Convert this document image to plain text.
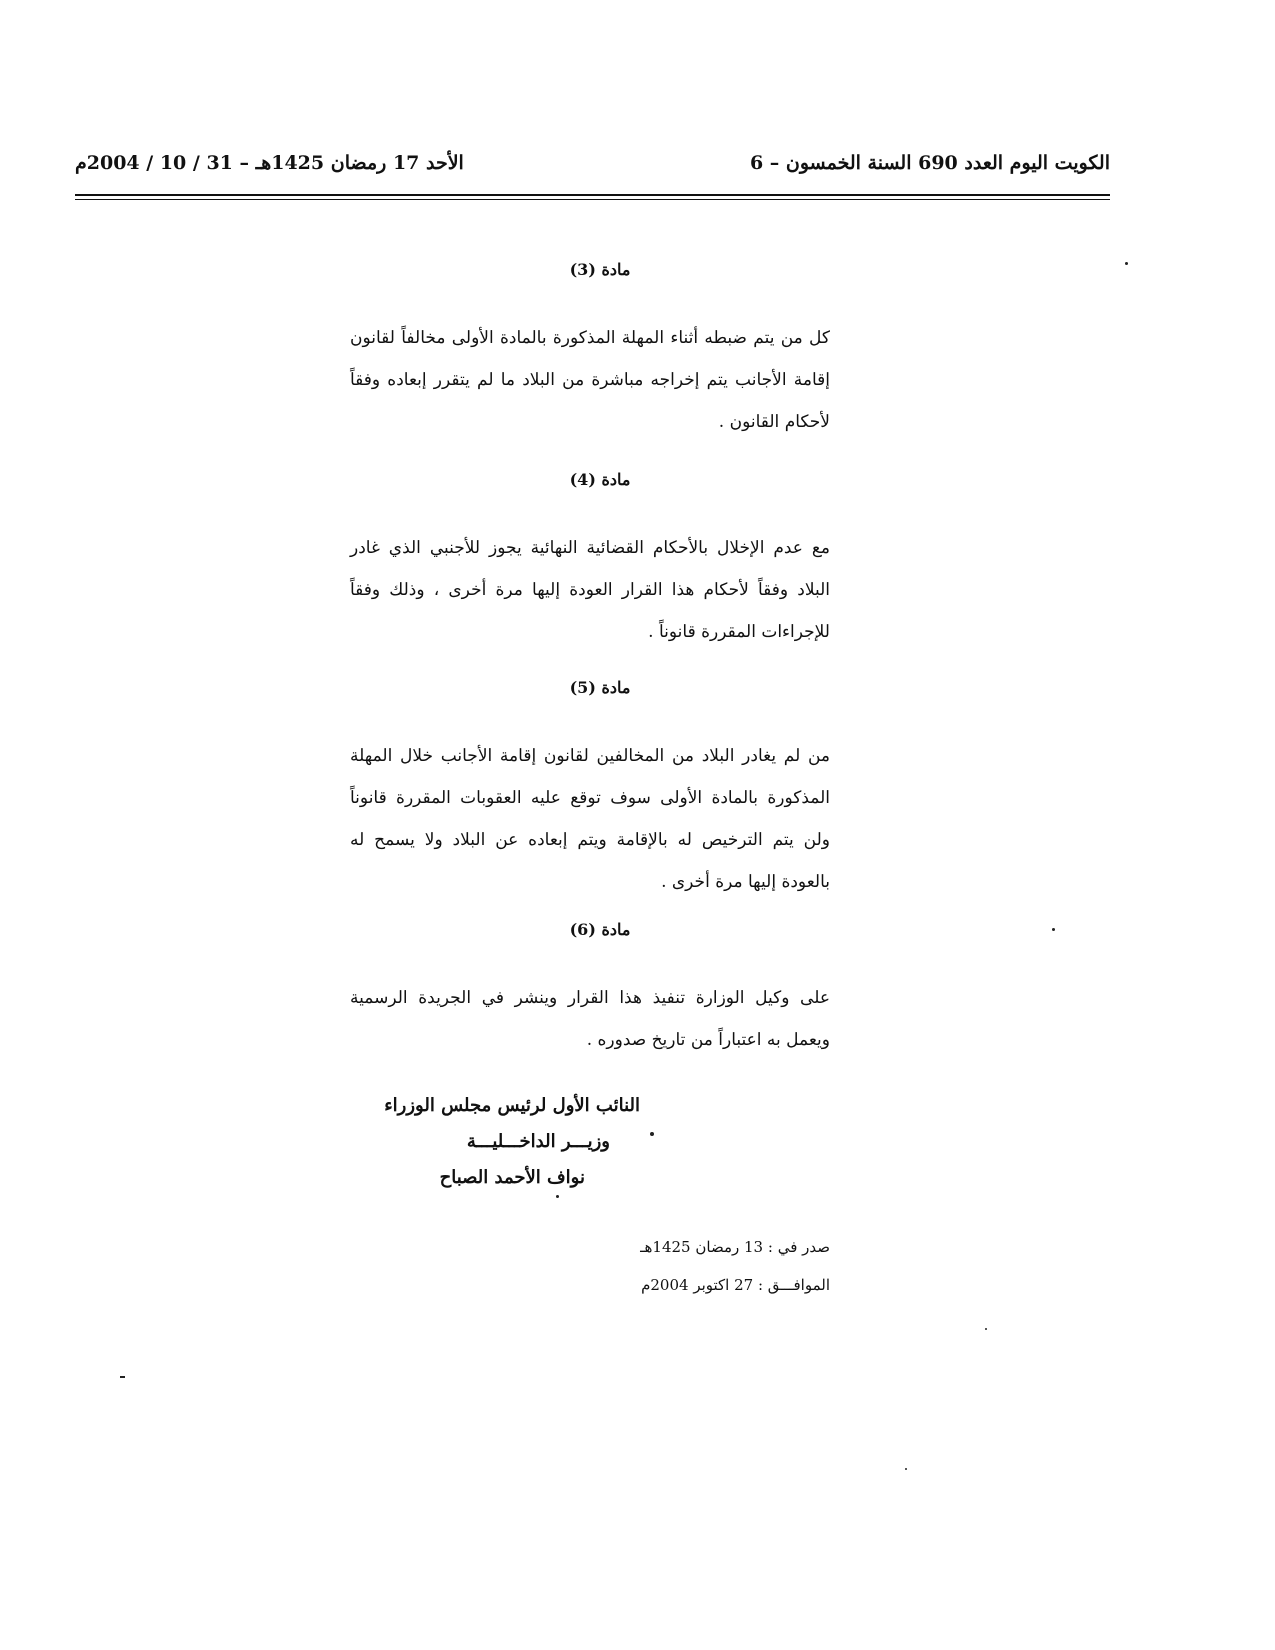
الكويت اليوم العدد 690 السنة الخمسون – 6
الأحد 17 رمضان 1425هـ – 31 / 10 / 2004م

مادة (3)

كل من يتم ضبطه أثناء المهلة المذكورة بالمادة الأولى مخالفاً لقانون إقامة الأجانب يتم إخراجه مباشرة من البلاد ما لم يتقرر إبعاده وفقاً لأحكام القانون .

مادة (4)

مع عدم الإخلال بالأحكام القضائية النهائية يجوز للأجنبي الذي غادر البلاد وفقاً لأحكام هذا القرار العودة إليها مرة أخرى ، وذلك وفقاً للإجراءات المقررة قانوناً .

مادة (5)

من لم يغادر البلاد من المخالفين لقانون إقامة الأجانب خلال المهلة المذكورة بالمادة الأولى سوف توقع عليه العقوبات المقررة قانوناً ولن يتم الترخيص له بالإقامة ويتم إبعاده عن البلاد ولا يسمح له بالعودة إليها مرة أخرى .

مادة (6)

على وكيل الوزارة تنفيذ هذا القرار وينشر في الجريدة الرسمية ويعمل به اعتباراً من تاريخ صدوره .

النائب الأول لرئيس مجلس الوزراء
وزيـــر الداخـــليـــة
نواف الأحمد الصباح
صدر في : 13 رمضان 1425هـ
الموافـــق : 27 اكتوبر 2004م
